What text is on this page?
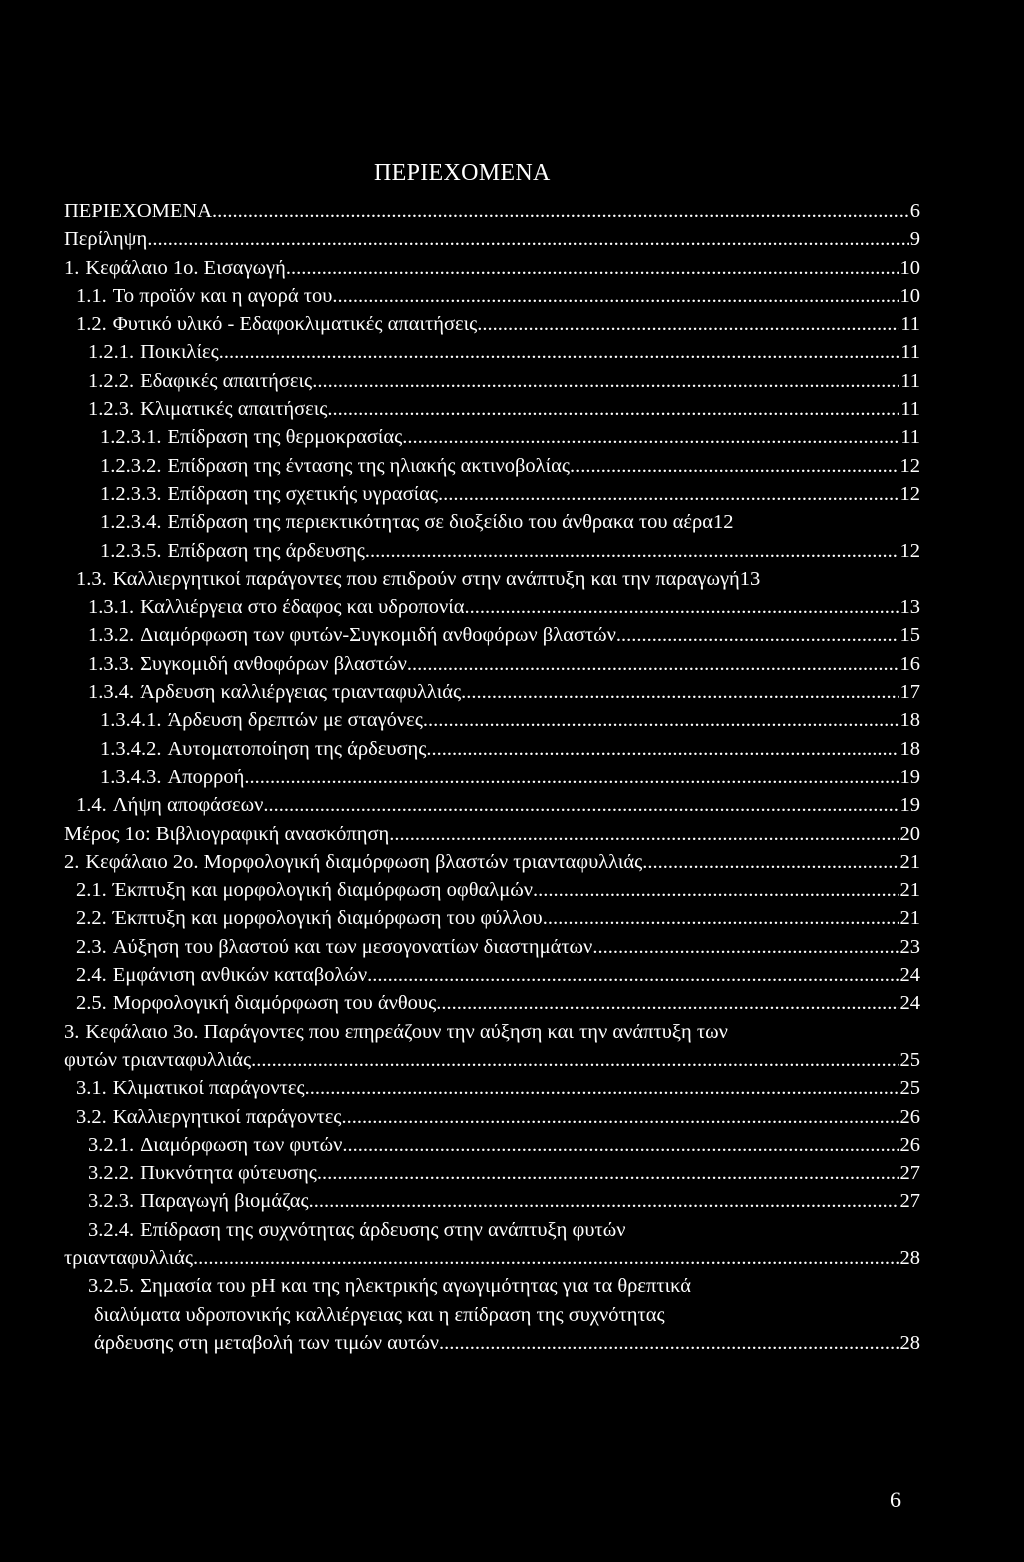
ΠΕΡΙΕΧΟΜΕΝΑ
ΠΕΡΙΕΧΟΜΕΝΑ .....	6
Περίληψη .....	9
1. Κεφάλαιο 1ο. Εισαγωγή .....	10
1.1. Το προϊόν και η αγορά του .....	10
1.2. Φυτικό υλικό - Εδαφοκλιματικές απαιτήσεις .....	11
1.2.1. Ποικιλίες .....	11
1.2.2. Εδαφικές απαιτήσεις .....	11
1.2.3. Κλιματικές απαιτήσεις .....	11
1.2.3.1. Επίδραση της θερμοκρασίας .....	11
1.2.3.2. Επίδραση της έντασης της ηλιακής ακτινοβολίας .....	12
1.2.3.3. Επίδραση της σχετικής υγρασίας .....	12
1.2.3.4. Επίδραση της περιεκτικότητας σε διοξείδιο του άνθρακα του αέρα 12
1.2.3.5. Επίδραση της άρδευσης .....	12
1.3. Καλλιεργητικοί παράγοντες που επιδρούν στην ανάπτυξη και την παραγωγή 13
1.3.1. Καλλιέργεια στο έδαφος και υδροπονία .....	13
1.3.2. Διαμόρφωση των φυτών-Συγκομιδή ανθοφόρων βλαστών .....	15
1.3.3. Συγκομιδή ανθοφόρων βλαστών .....	16
1.3.4. Άρδευση καλλιέργειας τριανταφυλλιάς .....	17
1.3.4.1. Άρδευση δρεπτών με σταγόνες .....	18
1.3.4.2. Αυτοματοποίηση της άρδευσης .....	18
1.3.4.3. Απορροή .....	19
1.4. Λήψη αποφάσεων .....	19
Μέρος 1ο: Βιβλιογραφική ανασκόπηση .....	20
2. Κεφάλαιο 2ο. Μορφολογική διαμόρφωση βλαστών τριανταφυλλιάς. .....	21
2.1. Έκπτυξη και μορφολογική διαμόρφωση οφθαλμών .....	21
2.2. Έκπτυξη και μορφολογική διαμόρφωση του φύλλου .....	21
2.3. Αύξηση του βλαστού και των μεσογονατίων διαστημάτων .....	23
2.4. Εμφάνιση ανθικών καταβολών .....	24
2.5. Μορφολογική διαμόρφωση του άνθους .....	24
3. Κεφάλαιο 3ο. Παράγοντες που επηρεάζουν την αύξηση και την ανάπτυξη των
φυτών τριανταφυλλιάς .....	25
3.1. Κλιματικοί παράγοντες .....	25
3.2. Καλλιεργητικοί παράγοντες .....	26
3.2.1. Διαμόρφωση των φυτών .....	26
3.2.2. Πυκνότητα φύτευσης .....	27
3.2.3. Παραγωγή βιομάζας .....	27
3.2.4. Επίδραση της συχνότητας άρδευσης στην ανάπτυξη φυτών
τριανταφυλλιάς .....	28
3.2.5. Σημασία του pH και της ηλεκτρικής αγωγιμότητας για τα θρεπτικά
διαλύματα υδροπονικής καλλιέργειας και η επίδραση της συχνότητας
άρδευσης στη μεταβολή των τιμών αυτών .....	28
6
